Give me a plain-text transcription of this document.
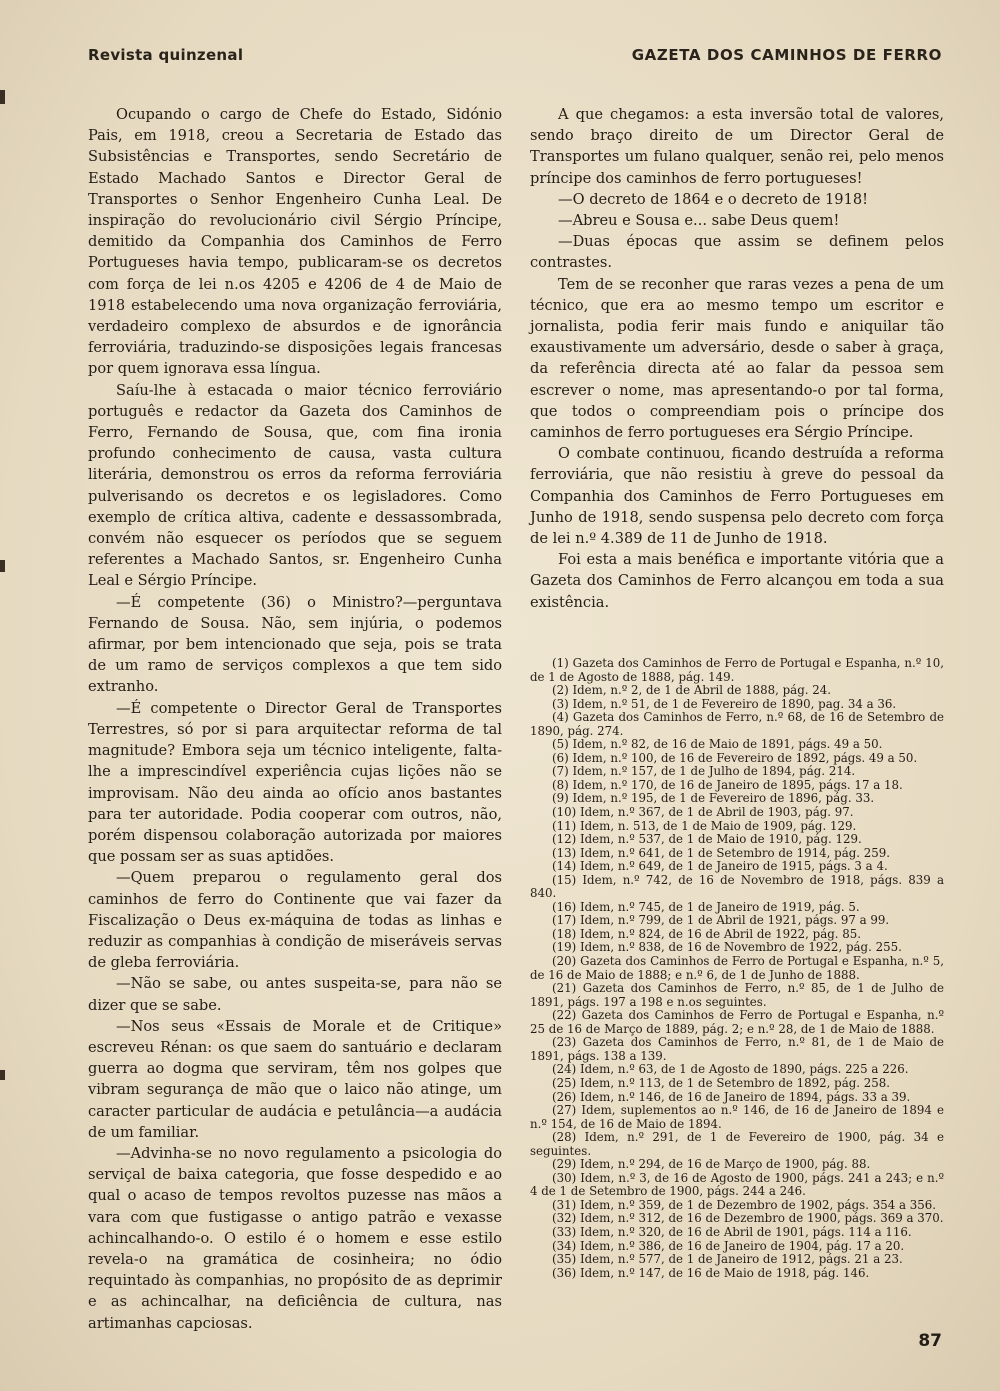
Revista quinzenal	GAZETA DOS CAMINHOS DE FERRO

Ocupando o cargo de Chefe do Estado, Sidónio Pais, em 1918, creou a Secretaria de Estado das Subsistências e Transportes, sendo Secretário de Estado Machado Santos e Director Geral de Transportes o Senhor Engenheiro Cunha Leal. De inspiração do revolucionário civil Sérgio Príncipe, demitido da Companhia dos Caminhos de Ferro Portugueses havia tempo, publicaram-se os decretos com força de lei n.os 4205 e 4206 de 4 de Maio de 1918 estabelecendo uma nova organização ferroviária, verdadeiro complexo de absurdos e de ignorância ferroviária, traduzindo-se disposições legais francesas por quem ignorava essa língua.

Saíu-lhe à estacada o maior técnico ferroviário português e redactor da Gazeta dos Caminhos de Ferro, Fernando de Sousa, que, com fina ironia profundo conhecimento de causa, vasta cultura literária, demonstrou os erros da reforma ferroviária pulverisando os decretos e os legisladores. Como exemplo de crítica altiva, cadente e dessassombrada, convém não esquecer os períodos que se seguem referentes a Machado Santos, sr. Engenheiro Cunha Leal e Sérgio Príncipe.

—É competente (36) o Ministro?—perguntava Fernando de Sousa. Não, sem injúria, o podemos afirmar, por bem intencionado que seja, pois se trata de um ramo de serviços complexos a que tem sido extranho.

—É competente o Director Geral de Transportes Terrestres, só por si para arquitectar reforma de tal magnitude? Embora seja um técnico inteligente, falta-lhe a imprescindível experiência cujas lições não se improvisam. Não deu ainda ao ofício anos bastantes para ter autoridade. Podia cooperar com outros, não, porém dispensou colaboração autorizada por maiores que possam ser as suas aptidões.

—Quem preparou o regulamento geral dos caminhos de ferro do Continente que vai fazer da Fiscalização o Deus ex-máquina de todas as linhas e reduzir as companhias à condição de miseráveis servas de gleba ferroviária.

—Não se sabe, ou antes suspeita-se, para não se dizer que se sabe.

—Nos seus «Essais de Morale et de Critique» escreveu Rénan: os que saem do santuário e declaram guerra ao dogma que serviram, têm nos golpes que vibram segurança de mão que o laico não atinge, um caracter particular de audácia e petulância—a audácia de um familiar.

—Advinha-se no novo regulamento a psicologia do serviçal de baixa categoria, que fosse despedido e ao qual o acaso de tempos revoltos puzesse nas mãos a vara com que fustigasse o antigo patrão e vexasse achincalhando-o. O estilo é o homem e esse estilo revela-o na gramática de cosinheira; no ódio requintado às companhias, no propósito de as deprimir e as achincalhar, na deficiência de cultura, nas artimanhas capciosas.

A que chegamos: a esta inversão total de valores, sendo braço direito de um Director Geral de Transportes um fulano qualquer, senão rei, pelo menos príncipe dos caminhos de ferro portugueses!

—O decreto de 1864 e o decreto de 1918!

—Abreu e Sousa e... sabe Deus quem!

—Duas épocas que assim se definem pelos contrastes.

Tem de se reconher que raras vezes a pena de um técnico, que era ao mesmo tempo um escritor e jornalista, podia ferir mais fundo e aniquilar tão exaustivamente um adversário, desde o saber à graça, da referência directa até ao falar da pessoa sem escrever o nome, mas apresentando-o por tal forma, que todos o compreendiam pois o príncipe dos caminhos de ferro portugueses era Sérgio Príncipe.

O combate continuou, ficando destruída a reforma ferroviária, que não resistiu à greve do pessoal da Companhia dos Caminhos de Ferro Portugueses em Junho de 1918, sendo suspensa pelo decreto com força de lei n.º 4.389 de 11 de Junho de 1918.

Foi esta a mais benéfica e importante vitória que a Gazeta dos Caminhos de Ferro alcançou em toda a sua existência.

(1) Gazeta dos Caminhos de Ferro de Portugal e Espanha, n.º 10, de 1 de Agosto de 1888, pág. 149.

(2) Idem, n.º 2, de 1 de Abril de 1888, pág. 24.

(3) Idem, n.º 51, de 1 de Fevereiro de 1890, pag. 34 a 36.

(4) Gazeta dos Caminhos de Ferro, n.º 68, de 16 de Setembro de 1890, pág. 274.

(5) Idem, n.º 82, de 16 de Maio de 1891, págs. 49 a 50.

(6) Idem, n.º 100, de 16 de Fevereiro de 1892, págs. 49 a 50.

(7) Idem, n.º 157, de 1 de Julho de 1894, pág. 214.

(8) Idem, n.º 170, de 16 de Janeiro de 1895, págs. 17 a 18.

(9) Idem, n.º 195, de 1 de Fevereiro de 1896, pág. 33.

(10) Idem, n.º 367, de 1 de Abril de 1903, pág. 97.

(11) Idem, n. 513, de 1 de Maio de 1909, pág. 129.

(12) Idem, n.º 537, de 1 de Maio de 1910, pág. 129.

(13) Idem, n.º 641, de 1 de Setembro de 1914, pág. 259.

(14) Idem, n.º 649, de 1 de Janeiro de 1915, págs. 3 a 4.

(15) Idem, n.º 742, de 16 de Novembro de 1918, págs. 839 a 840.

(16) Idem, n.º 745, de 1 de Janeiro de 1919, pág. 5.

(17) Idem, n.º 799, de 1 de Abril de 1921, págs. 97 a 99.

(18) Idem, n.º 824, de 16 de Abril de 1922, pág. 85.

(19) Idem, n.º 838, de 16 de Novembro de 1922, pág. 255.

(20) Gazeta dos Caminhos de Ferro de Portugal e Espanha, n.º 5, de 16 de Maio de 1888; e n.º 6, de 1 de Junho de 1888.

(21) Gazeta dos Caminhos de Ferro, n.º 85, de 1 de Julho de 1891, págs. 197 a 198 e n.os seguintes.

(22) Gazeta dos Caminhos de Ferro de Portugal e Espanha, n.º 25 de 16 de Março de 1889, pág. 2; e n.º 28, de 1 de Maio de 1888.

(23) Gazeta dos Caminhos de Ferro, n.º 81, de 1 de Maio de 1891, págs. 138 a 139.

(24) Idem, n.º 63, de 1 de Agosto de 1890, págs. 225 a 226.

(25) Idem, n.º 113, de 1 de Setembro de 1892, pág. 258.

(26) Idem, n.º 146, de 16 de Janeiro de 1894, págs. 33 a 39.

(27) Idem, suplementos ao n.º 146, de 16 de Janeiro de 1894 e n.º 154, de 16 de Maio de 1894.

(28) Idem, n.º 291, de 1 de Fevereiro de 1900, pág. 34 e seguintes.

(29) Idem, n.º 294, de 16 de Março de 1900, pág. 88.

(30) Idem, n.º 3, de 16 de Agosto de 1900, págs. 241 a 243; e n.º 4 de 1 de Setembro de 1900, págs. 244 a 246.

(31) Idem, n.º 359, de 1 de Dezembro de 1902, págs. 354 a 356.

(32) Idem, n.º 312, de 16 de Dezembro de 1900, págs. 369 a 370.

(33) Idem, n.º 320, de 16 de Abril de 1901, págs. 114 a 116.

(34) Idem, n.º 386, de 16 de Janeiro de 1904, pág. 17 a 20.

(35) Idem, n.º 577, de 1 de Janeiro de 1912, págs. 21 a 23.

(36) Idem, n.º 147, de 16 de Maio de 1918, pág. 146.

87
